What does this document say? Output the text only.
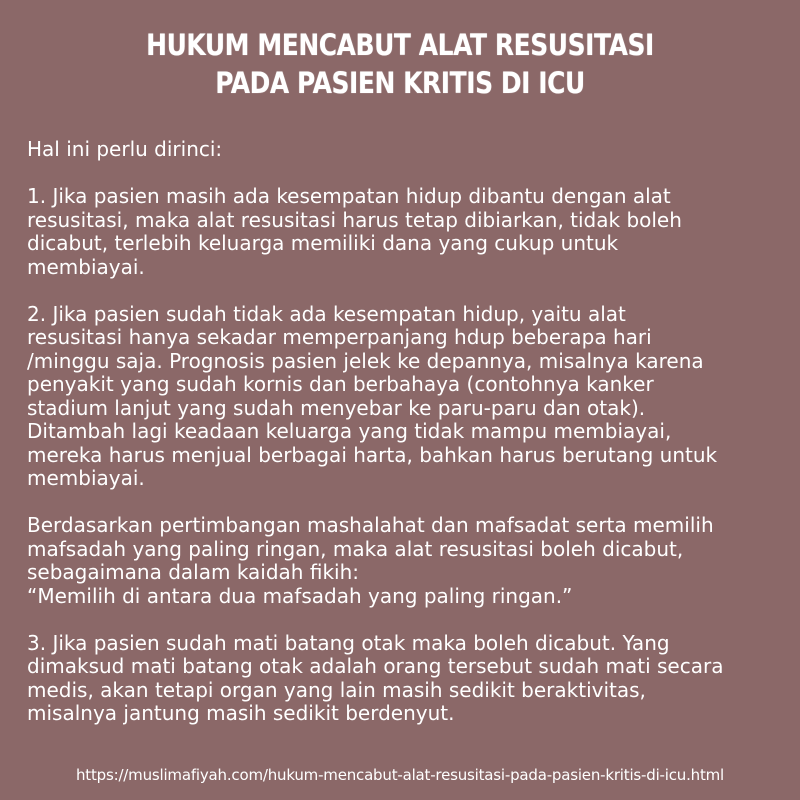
HUKUM MENCABUT ALAT RESUSITASI
PADA PASIEN KRITIS DI ICU
Hal ini perlu dirinci:
1. Jika pasien masih ada kesempatan hidup dibantu dengan alat
resusitasi, maka alat resusitasi harus tetap dibiarkan, tidak boleh
dicabut, terlebih keluarga memiliki dana yang cukup untuk
membiayai.
2. Jika pasien sudah tidak ada kesempatan hidup, yaitu alat
resusitasi hanya sekadar memperpanjang hdup beberapa hari
/minggu saja. Prognosis pasien jelek ke depannya, misalnya karena
penyakit yang sudah kornis dan berbahaya (contohnya kanker
stadium lanjut yang sudah menyebar ke paru-paru dan otak).
Ditambah lagi keadaan keluarga yang tidak mampu membiayai,
mereka harus menjual berbagai harta, bahkan harus berutang untuk
membiayai.
Berdasarkan pertimbangan mashalahat dan mafsadat serta memilih
mafsadah yang paling ringan, maka alat resusitasi boleh dicabut,
sebagaimana dalam kaidah fikih:
“Memilih di antara dua mafsadah yang paling ringan.”
3. Jika pasien sudah mati batang otak maka boleh dicabut. Yang
dimaksud mati batang otak adalah orang tersebut sudah mati secara
medis, akan tetapi organ yang lain masih sedikit beraktivitas,
misalnya jantung masih sedikit berdenyut.
https://muslimafiyah.com/hukum-mencabut-alat-resusitasi-pada-pasien-kritis-di-icu.html
